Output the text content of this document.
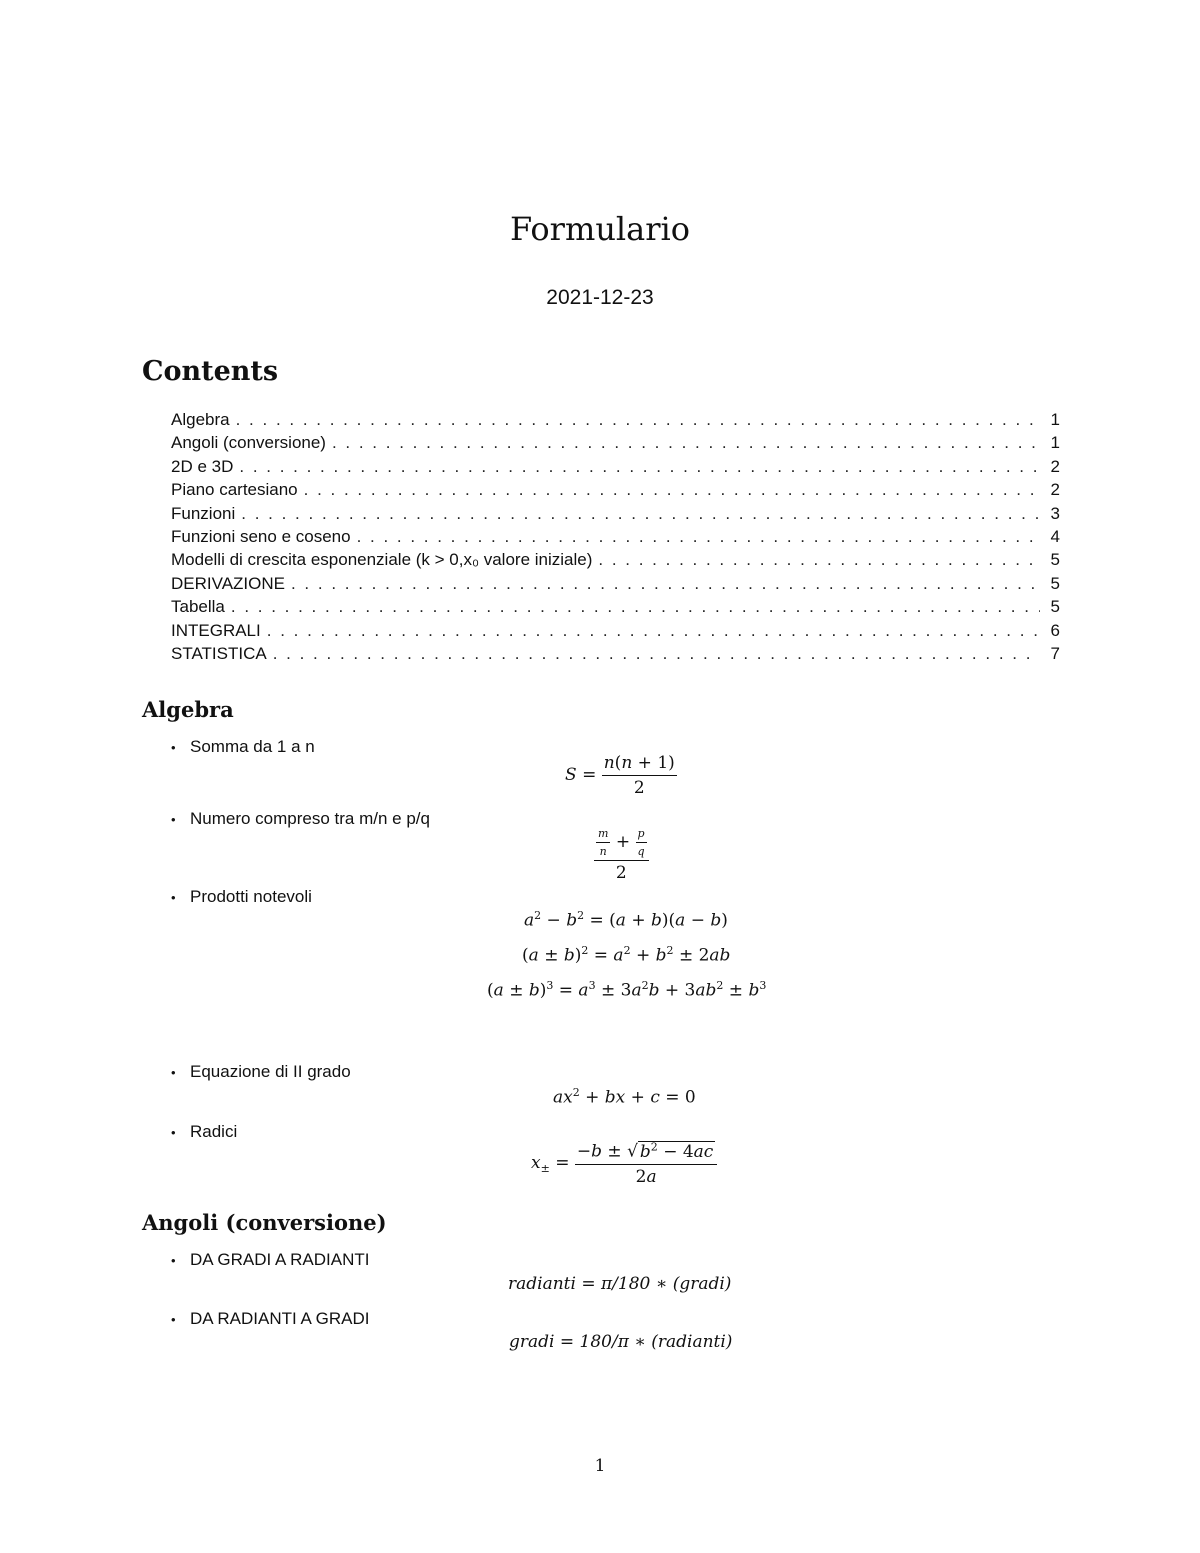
Formulario
2021-12-23
Contents
Algebra . . .	1
Angoli (conversione) . . .	1
2D e 3D . . .	2
Piano cartesiano . . .	2
Funzioni . . .	3
Funzioni seno e coseno . . .	4
Modelli di crescita esponenziale (k > 0,x₀ valore iniziale) . . .	5
DERIVAZIONE . . .	5
Tabella . . .	5
INTEGRALI . . .	6
STATISTICA . . .	7
Algebra
• Somma da 1 a n
$S = \frac{n(n + 1)}{2}$
• Numero compreso tra m/n e p/q
$\frac{\frac{m}{n} + \frac{p}{q}}{2}$
• Prodotti notevoli
$a^2 - b^2 = (a + b)(a - b)$
$(a \pm b)^2 = a^2 + b^2 \pm 2ab$
$(a \pm b)^3 = a^3 \pm 3a^2b + 3ab^2 \pm b^3$
• Equazione di II grado
$ax^2$ + bx + c = 0
• Radici
$x_\pm = \frac{-b \pm √ b^2 - 4ac}{2a}$
Angoli (conversione)
• DA GRADI A RADIANTI
radianti = π/180 ∗ (gradi)
• DA RADIANTI A GRADI
gradi = 180/π ∗ (radianti)
1
